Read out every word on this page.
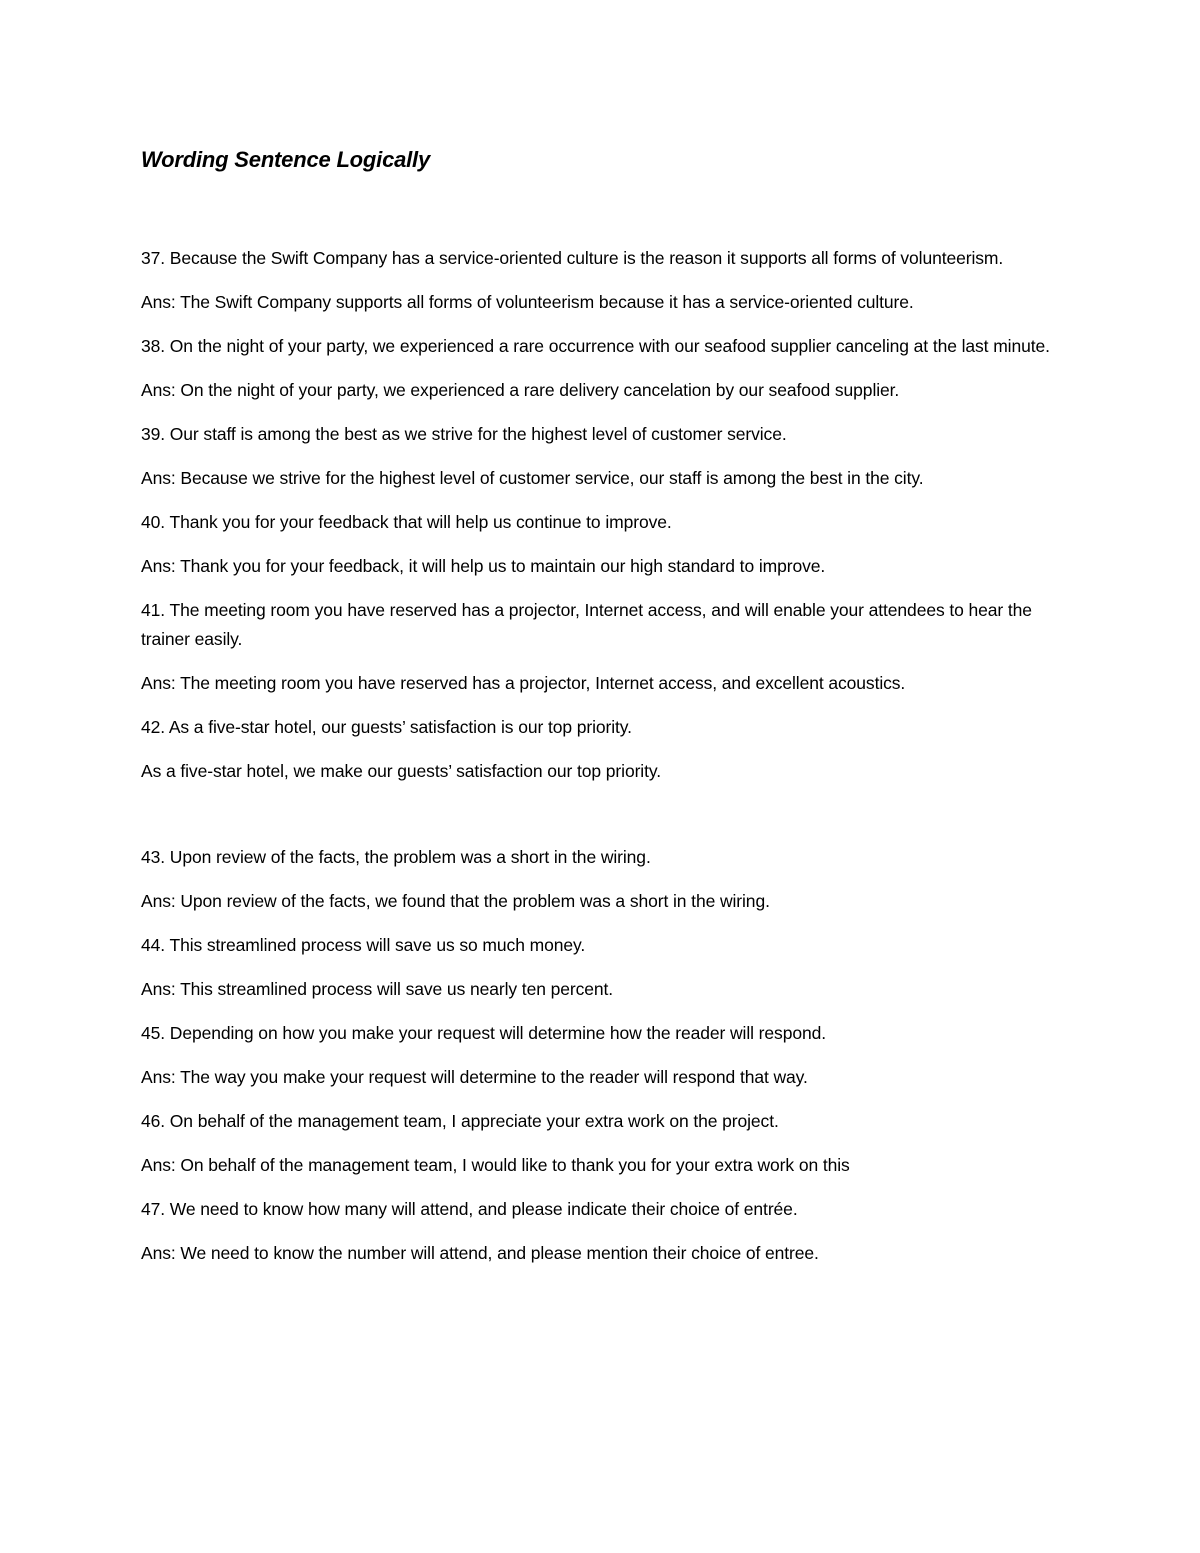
Wording Sentence Logically

37. Because the Swift Company has a service-oriented culture is the reason it supports all forms of volunteerism.

Ans: The Swift Company supports all forms of volunteerism because it has a service-oriented culture.

38. On the night of your party, we experienced a rare occurrence with our seafood supplier canceling at the last minute.

Ans: On the night of your party, we experienced a rare delivery cancelation by our seafood supplier.

39. Our staff is among the best as we strive for the highest level of customer service.

Ans: Because we strive for the highest level of customer service, our staff is among the best in the city.

40. Thank you for your feedback that will help us continue to improve.

Ans: Thank you for your feedback, it will help us to maintain our high standard to improve.

41. The meeting room you have reserved has a projector, Internet access, and will enable your attendees to hear the trainer easily.

Ans: The meeting room you have reserved has a projector, Internet access, and excellent acoustics.

42. As a five-star hotel, our guests’ satisfaction is our top priority.

As a five-star hotel, we make our guests’ satisfaction our top priority.

43. Upon review of the facts, the problem was a short in the wiring.

Ans: Upon review of the facts, we found that the problem was a short in the wiring.

44. This streamlined process will save us so much money.

Ans: This streamlined process will save us nearly ten percent.

45. Depending on how you make your request will determine how the reader will respond.

Ans: The way you make your request will determine to the reader will respond that way.

46. On behalf of the management team, I appreciate your extra work on the project.

Ans: On behalf of the management team, I would like to thank you for your extra work on this

47. We need to know how many will attend, and please indicate their choice of entrée.

Ans: We need to know the number will attend, and please mention their choice of entree.
